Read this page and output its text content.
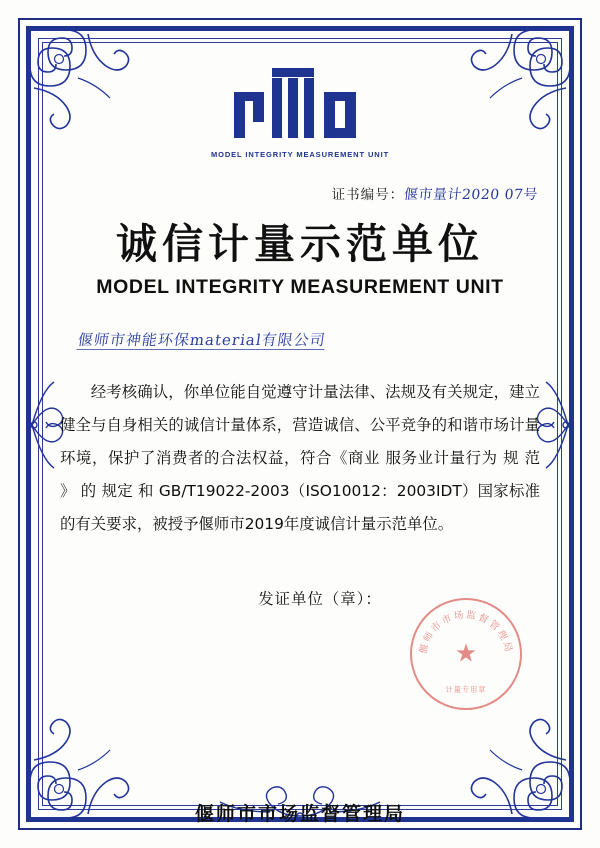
MODEL INTEGRITY MEASUREMENT UNIT
证书编号：偃市量计2020 07号
诚信计量示范单位
MODEL INTEGRITY MEASUREMENT UNIT
偃师市神能环保material有限公司

经考核确认，你单位能自觉遵守计量法律、法规及有关规定，建立健全与自身相关的诚信计量体系，营造诚信、公平竞争的和谐市场计量环境，保护了消费者的合法权益，符合《商业 服务业计量行为 规 范 》 的 规定 和 GB/T19022-2003（ISO10012：2003IDT）国家标准的有关要求，被授予偃师市2019年度诚信计量示范单位。

发证单位（章）：
偃师市市场监督管理局
★
计量专用章
偃师市市场监督管理局
